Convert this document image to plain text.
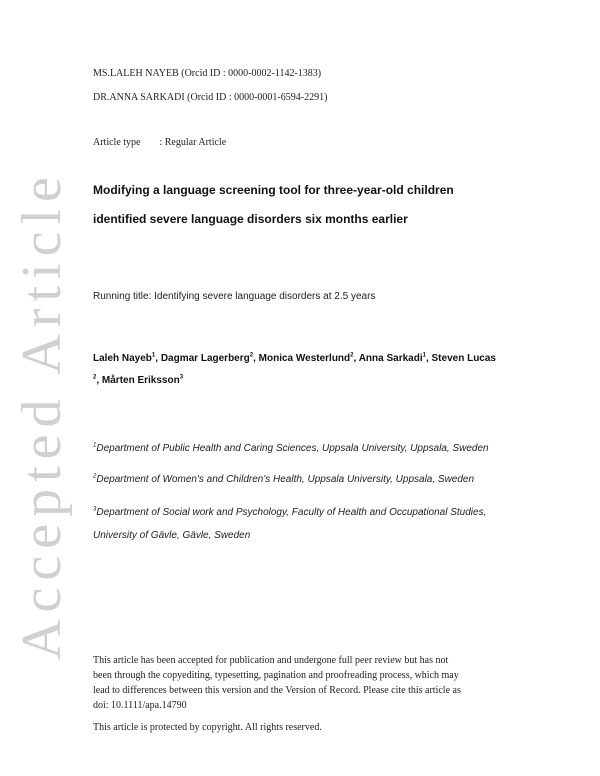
Accepted Article
MS.LALEH NAYEB (Orcid ID : 0000-0002-1142-1383)
DR.ANNA SARKADI (Orcid ID : 0000-0001-6594-2291)
Article type : Regular Article
Modifying a language screening tool for three-year-old children
identified severe language disorders six months earlier
Running title: Identifying severe language disorders at 2.5 years
Laleh Nayeb$^1$, Dagmar Lagerberg$^2$, Monica Westerlund$^2$, Anna Sarkadi$^1$, Steven Lucas
$^2$, Mårten Eriksson$^3$
$^1$Department of Public Health and Caring Sciences, Uppsala University, Uppsala, Sweden
$^2$Department of Women's and Children's Health, Uppsala University, Uppsala, Sweden
$^3$Department of Social work and Psychology, Faculty of Health and Occupational Studies,
University of Gävle, Gävle, Sweden
This article has been accepted for publication and undergone full peer review but has not
been through the copyediting, typesetting, pagination and proofreading process, which may
lead to differences between this version and the Version of Record. Please cite this article as
doi: 10.1111/apa.14790
This article is protected by copyright. All rights reserved.
